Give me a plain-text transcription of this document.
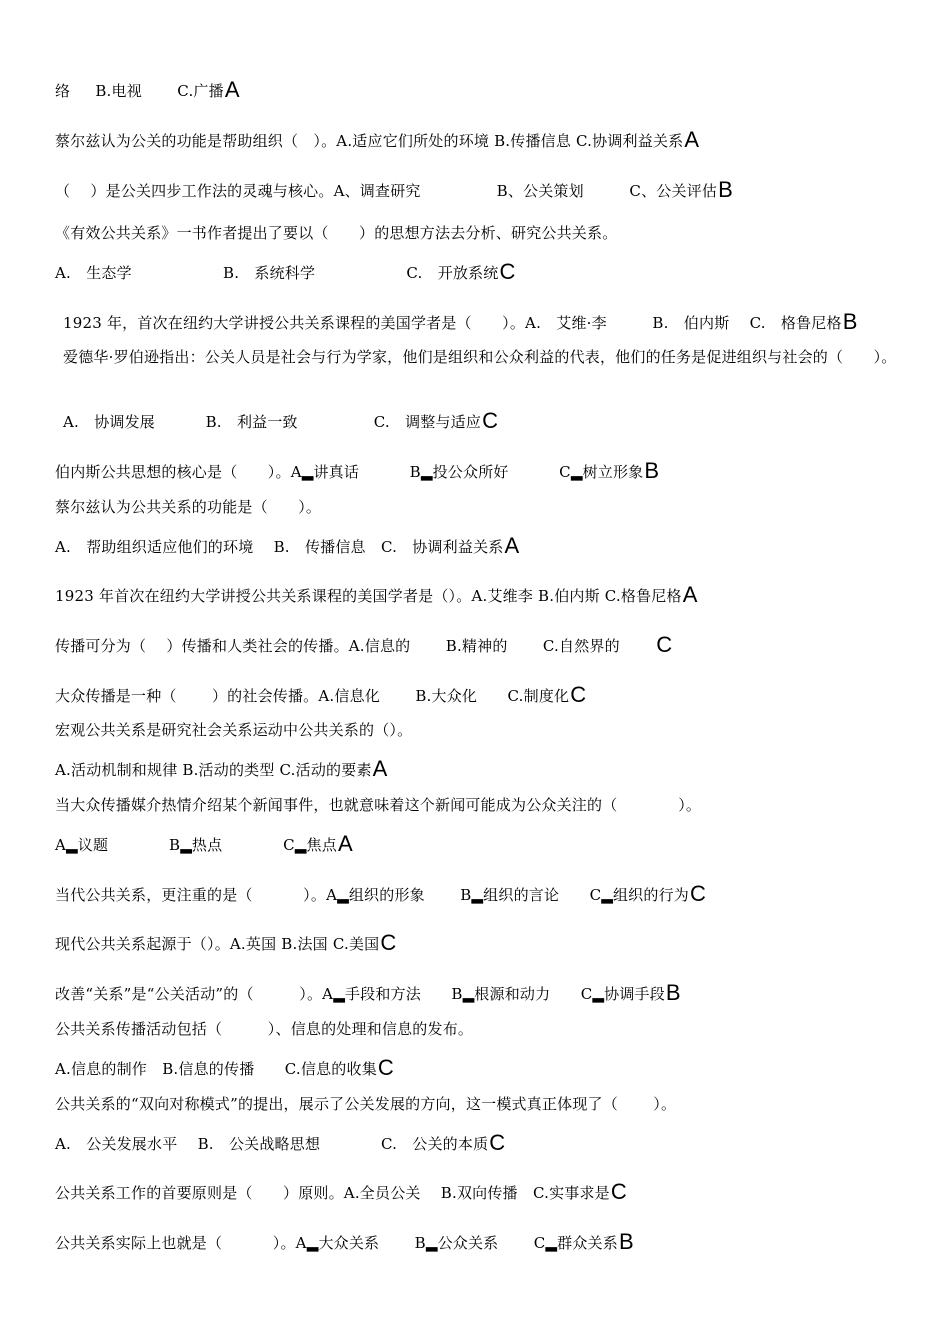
络　  B.电视　　 C.广播A
蔡尔兹认为公关的功能是帮助组织（　）。A.适应它们所处的环境 B.传播信息 C.协调利益关系A
（　 ）是公关四步工作法的灵魂与核心。A、调查研究　　　　　B、公关策划　　　C、公关评估B
《有效公共关系》一书作者提出了要以（　　）的思想方法去分析、研究公共关系。
A.　生态学　　　　　　B.　系统科学　　　　　　C.　开放系统C
1923 年，首次在纽约大学讲授公共关系课程的美国学者是（　　）。A.　艾维·李　　　B.　伯内斯　 C.　格鲁尼格B
爱德华·罗伯逊指出：公关人员是社会与行为学家，他们是组织和公众利益的代表，他们的任务是促进组织与社会的（　　）。
A.　协调发展　　　 B.　利益一致　　　　　C.　调整与适应C
伯内斯公共思想的核心是（　　）。A▂讲真话　　　 B▂投公众所好　　　 C▂树立形象B
蔡尔兹认为公共关系的功能是（　　）。
A.　帮助组织适应他们的环境　 B.　传播信息　C.　协调利益关系A
1923 年首次在纽约大学讲授公共关系课程的美国学者是（）。A.艾维李 B.伯内斯 C.格鲁尼格A
传播可分为（　 ）传播和人类社会的传播。A.信息的　　 B.精神的　　 C.自然界的　　 C
大众传播是一种（　　 ）的社会传播。A.信息化　　 B.大众化　　C.制度化C
宏观公共关系是研究社会关系运动中公共关系的（）。
A.活动机制和规律 B.活动的类型 C.活动的要素A
当大众传播媒介热情介绍某个新闻事件，也就意味着这个新闻可能成为公众关注的（　　　　）。
A▂议题　　　　B▂热点　　　　C▂焦点A
当代公共关系，更注重的是（　　　 ）。A▂组织的形象　　 B▂组织的言论　　C▂组织的行为C
现代公共关系起源于（）。A.英国 B.法国 C.美国C
改善“关系”是“公关活动”的（　　　）。A▂手段和方法　　B▂根源和动力　　C▂协调手段B
公共关系传播活动包括（　　　）、信息的处理和信息的发布。
A.信息的制作　B.信息的传播　　C.信息的收集C
公共关系的“双向对称模式”的提出，展示了公关发展的方向，这一模式真正体现了（　　 ）。
A.　公关发展水平　 B.　公关战略思想　　　　C.　公关的本质C
公共关系工作的首要原则是（　　）原则。A.全员公关　 B.双向传播　C.实事求是C
公共关系实际上也就是（　　　 ）。A▂大众关系　　 B▂公众关系　　 C▂群众关系B
